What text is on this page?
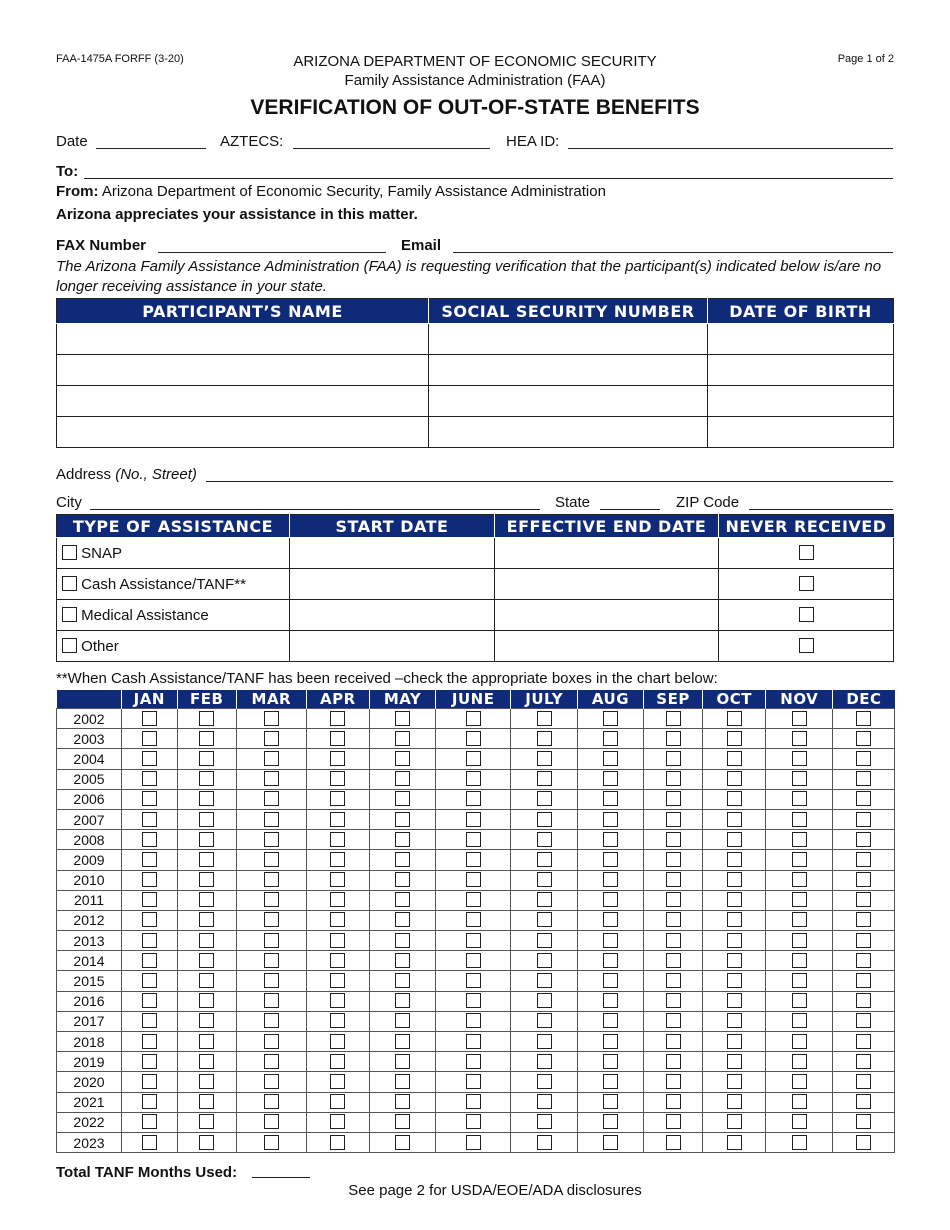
FAA-1475A FORFF (3-20)	Page 1 of 2
ARIZONA DEPARTMENT OF ECONOMIC SECURITY
Family Assistance Administration (FAA)
VERIFICATION OF OUT-OF-STATE BENEFITS
Date	AZTECS:	HEA ID:
To:
From: Arizona Department of Economic Security, Family Assistance Administration
Arizona appreciates your assistance in this matter.
FAX Number	Email
The Arizona Family Assistance Administration (FAA) is requesting verification that the participant(s) indicated below is/are no longer receiving assistance in your state.
PARTICIPANT’S NAME	SOCIAL SECURITY NUMBER	DATE OF BIRTH

Address (No., Street)
City	State	ZIP Code
TYPE OF ASSISTANCE	START DATE	EFFECTIVE END DATE	NEVER RECEIVED
SNAP			
Cash Assistance/TANF**			
Medical Assistance			
Other			
**When Cash Assistance/TANF has been received –check the appropriate boxes in the chart below:
	JAN	FEB	MAR	APR	MAY	JUNE	JULY	AUG	SEP	OCT	NOV	DEC
2002												
2003												
2004												
2005												
2006												
2007												
2008												
2009												
2010												
2011												
2012												
2013												
2014												
2015												
2016												
2017												
2018												
2019												
2020												
2021												
2022												
2023												
Total TANF Months Used:
See page 2 for USDA/EOE/ADA disclosures
